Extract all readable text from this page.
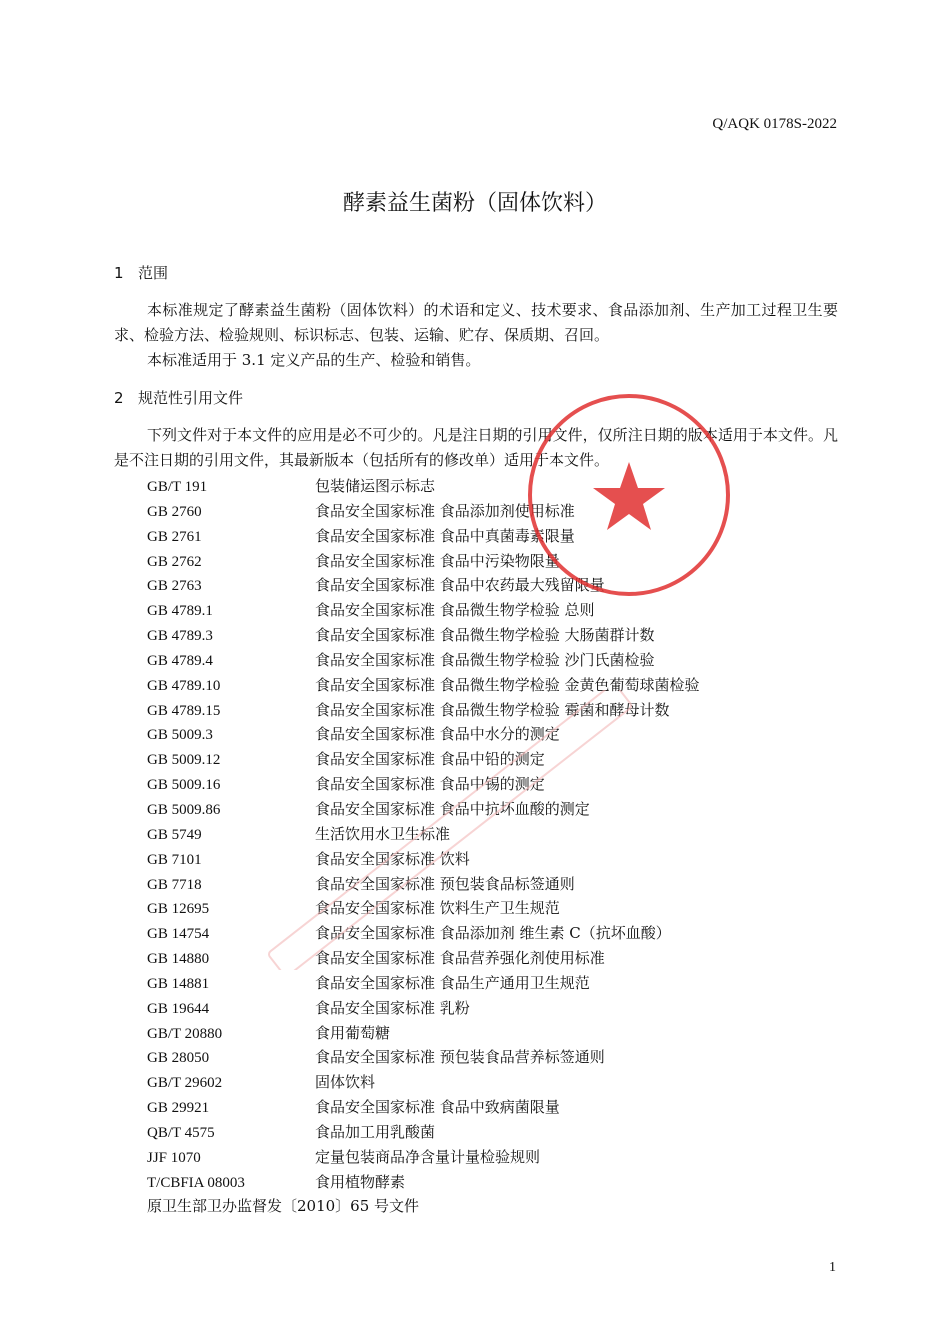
Q/AQK 0178S-2022
酵素益生菌粉（固体饮料）
1 范围
本标准规定了酵素益生菌粉（固体饮料）的术语和定义、技术要求、食品添加剂、生产加工过程卫生要求、检验方法、检验规则、标识标志、包装、运输、贮存、保质期、召回。
本标准适用于 3.1 定义产品的生产、检验和销售。
2 规范性引用文件
下列文件对于本文件的应用是必不可少的。凡是注日期的引用文件，仅所注日期的版本适用于本文件。凡是不注日期的引用文件，其最新版本（包括所有的修改单）适用于本文件。
GB/T 191	包装储运图示标志
GB 2760	食品安全国家标准 食品添加剂使用标准
GB 2761	食品安全国家标准 食品中真菌毒素限量
GB 2762	食品安全国家标准 食品中污染物限量
GB 2763	食品安全国家标准 食品中农药最大残留限量
GB 4789.1	食品安全国家标准 食品微生物学检验 总则
GB 4789.3	食品安全国家标准 食品微生物学检验 大肠菌群计数
GB 4789.4	食品安全国家标准 食品微生物学检验 沙门氏菌检验
GB 4789.10	食品安全国家标准 食品微生物学检验 金黄色葡萄球菌检验
GB 4789.15	食品安全国家标准 食品微生物学检验 霉菌和酵母计数
GB 5009.3	食品安全国家标准 食品中水分的测定
GB 5009.12	食品安全国家标准 食品中铅的测定
GB 5009.16	食品安全国家标准 食品中锡的测定
GB 5009.86	食品安全国家标准 食品中抗坏血酸的测定
GB 5749	生活饮用水卫生标准
GB 7101	食品安全国家标准 饮料
GB 7718	食品安全国家标准 预包装食品标签通则
GB 12695	食品安全国家标准 饮料生产卫生规范
GB 14754	食品安全国家标准 食品添加剂 维生素 C（抗坏血酸）
GB 14880	食品安全国家标准 食品营养强化剂使用标准
GB 14881	食品安全国家标准 食品生产通用卫生规范
GB 19644	食品安全国家标准 乳粉
GB/T 20880	食用葡萄糖
GB 28050	食品安全国家标准 预包装食品营养标签通则
GB/T 29602	固体饮料
GB 29921	食品安全国家标准 食品中致病菌限量
QB/T 4575	食品加工用乳酸菌
JJF 1070	定量包装商品净含量计量检验规则
T/CBFIA 08003	食用植物酵素
原卫生部卫办监督发〔2010〕65 号文件
1
